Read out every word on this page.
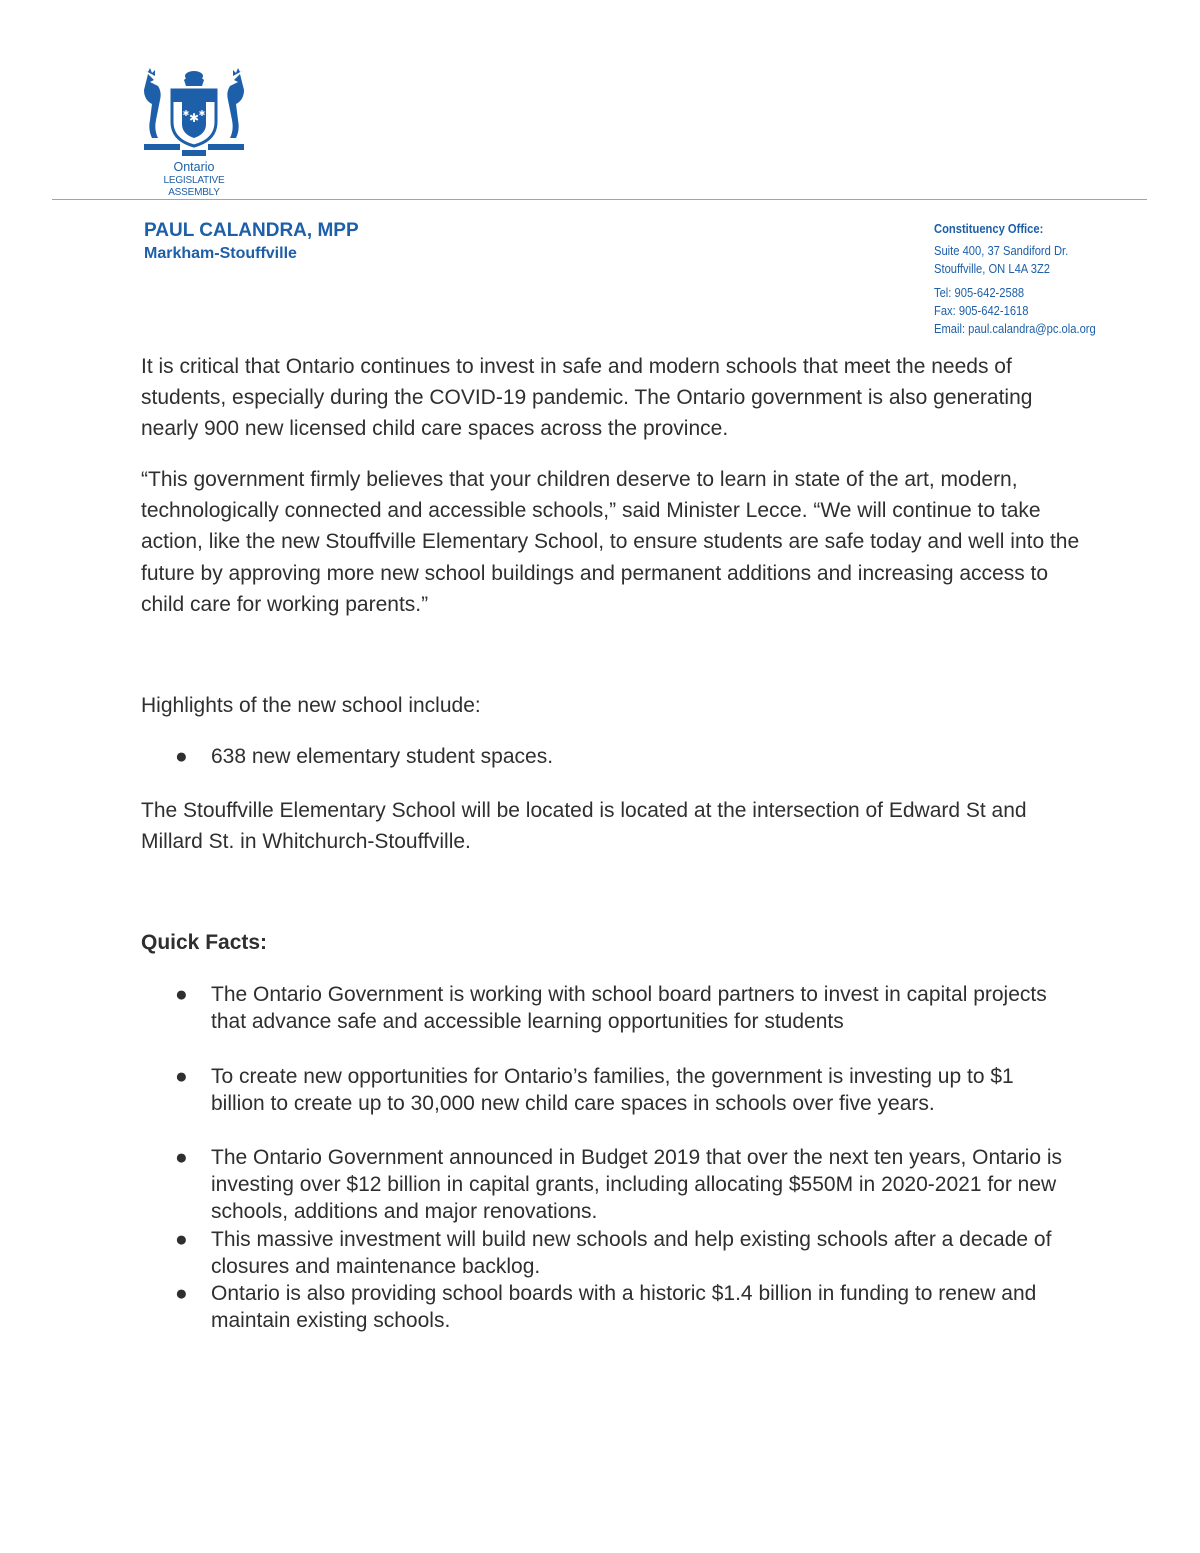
✱
✱ ✱
Ontario
LEGISLATIVE ASSEMBLY
PAUL CALANDRA, MPP
Markham-Stouffville
Constituency Office:
Suite 400, 37 Sandiford Dr.
Stouffville, ON L4A 3Z2
Tel: 905-642-2588
Fax: 905-642-1618
Email: paul.calandra@pc.ola.org

It is critical that Ontario continues to invest in safe and modern schools that meet the needs of students, especially during the COVID-19 pandemic. The Ontario government is also generating nearly 900 new licensed child care spaces across the province.

“This government firmly believes that your children deserve to learn in state of the art, modern, technologically connected and accessible schools,” said Minister Lecce. “We will continue to take action, like the new Stouffville Elementary School, to ensure students are safe today and well into the future by approving more new school buildings and permanent additions and increasing access to child care for working parents.”

Highlights of the new school include:

●	638 new elementary student spaces.

The Stouffville Elementary School will be located is located at the intersection of Edward St and Millard St. in Whitchurch-Stouffville.

Quick Facts:
●	The Ontario Government is working with school board partners to invest in capital projects that advance safe and accessible learning opportunities for students
●	To create new opportunities for Ontario’s families, the government is investing up to $1 billion to create up to 30,000 new child care spaces in schools over five years.
●	The Ontario Government announced in Budget 2019 that over the next ten years, Ontario is investing over $12 billion in capital grants, including allocating $550M in 2020-2021 for new schools, additions and major renovations.
●	This massive investment will build new schools and help existing schools after a decade of closures and maintenance backlog.
●	Ontario is also providing school boards with a historic $1.4 billion in funding to renew and maintain existing schools.
